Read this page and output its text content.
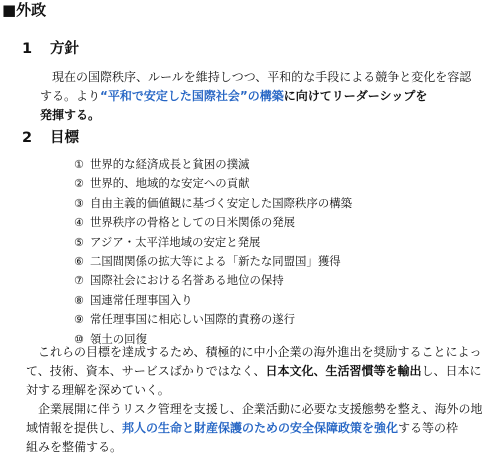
■外政
1 方針
現在の国際秩序、ルールを維持しつつ、平和的な手段による競争と変化を容認
する。より“平和で安定した国際社会”の構築に向けてリーダーシップを
発揮する。
2 目標
① 世界的な経済成長と貧困の撲滅
② 世界的、地域的な安定への貢献
③ 自由主義的価値観に基づく安定した国際秩序の構築
④ 世界秩序の骨格としての日米関係の発展
⑤ アジア・太平洋地域の安定と発展
⑥ 二国間関係の拡大等による「新たな同盟国」獲得
⑦ 国際社会における名誉ある地位の保持
⑧ 国連常任理事国入り
⑨ 常任理事国に相応しい国際的責務の遂行
⑩ 領土の回復
これらの目標を達成するため、積極的に中小企業の海外進出を奨励することによっ
て、技術、資本、サービスばかりではなく、日本文化、生活習慣等を輸出し、日本に
対する理解を深めていく。
企業展開に伴うリスク管理を支援し、企業活動に必要な支援態勢を整え、海外の地
域情報を提供し、邦人の生命と財産保護のための安全保障政策を強化する等の枠
組みを整備する。
